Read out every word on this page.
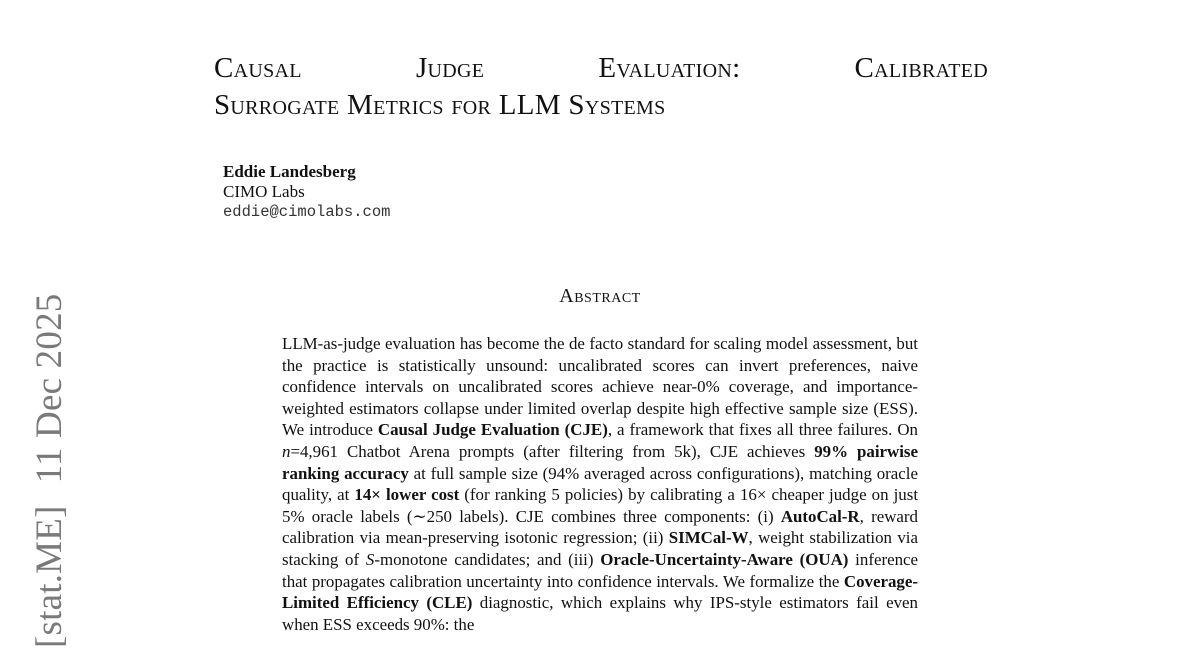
[stat.ME]11 Dec 2025
Causal	Judge	Evaluation:	Calibrated
Surrogate Metrics for LLM Systems
Eddie Landesberg
CIMO Labs
eddie@cimolabs.com
Abstract
LLM-as-judge evaluation has become the de facto standard for scaling model assessment, but the practice is statistically unsound: uncalibrated scores can invert preferences, naive confidence intervals on uncalibrated scores achieve near-0% coverage, and importance-weighted estimators collapse under limited overlap despite high effective sample size (ESS). We introduce Causal Judge Evaluation (CJE), a framework that fixes all three failures. On n=4,961 Chatbot Arena prompts (after filtering from 5k), CJE achieves 99% pairwise ranking accuracy at full sample size (94% averaged across configurations), matching oracle quality, at 14× lower cost (for ranking 5 policies) by calibrating a 16× cheaper judge on just 5% oracle labels (∼250 labels). CJE combines three components: (i) AutoCal-R, reward calibration via mean-preserving isotonic regression; (ii) SIMCal-W, weight stabilization via stacking of S-monotone candidates; and (iii) Oracle-Uncertainty-Aware (OUA) inference that propagates calibration uncertainty into confidence intervals. We formalize the Coverage-Limited Efficiency (CLE) diagnostic, which explains why IPS-style estimators fail even when ESS exceeds 90%: the
